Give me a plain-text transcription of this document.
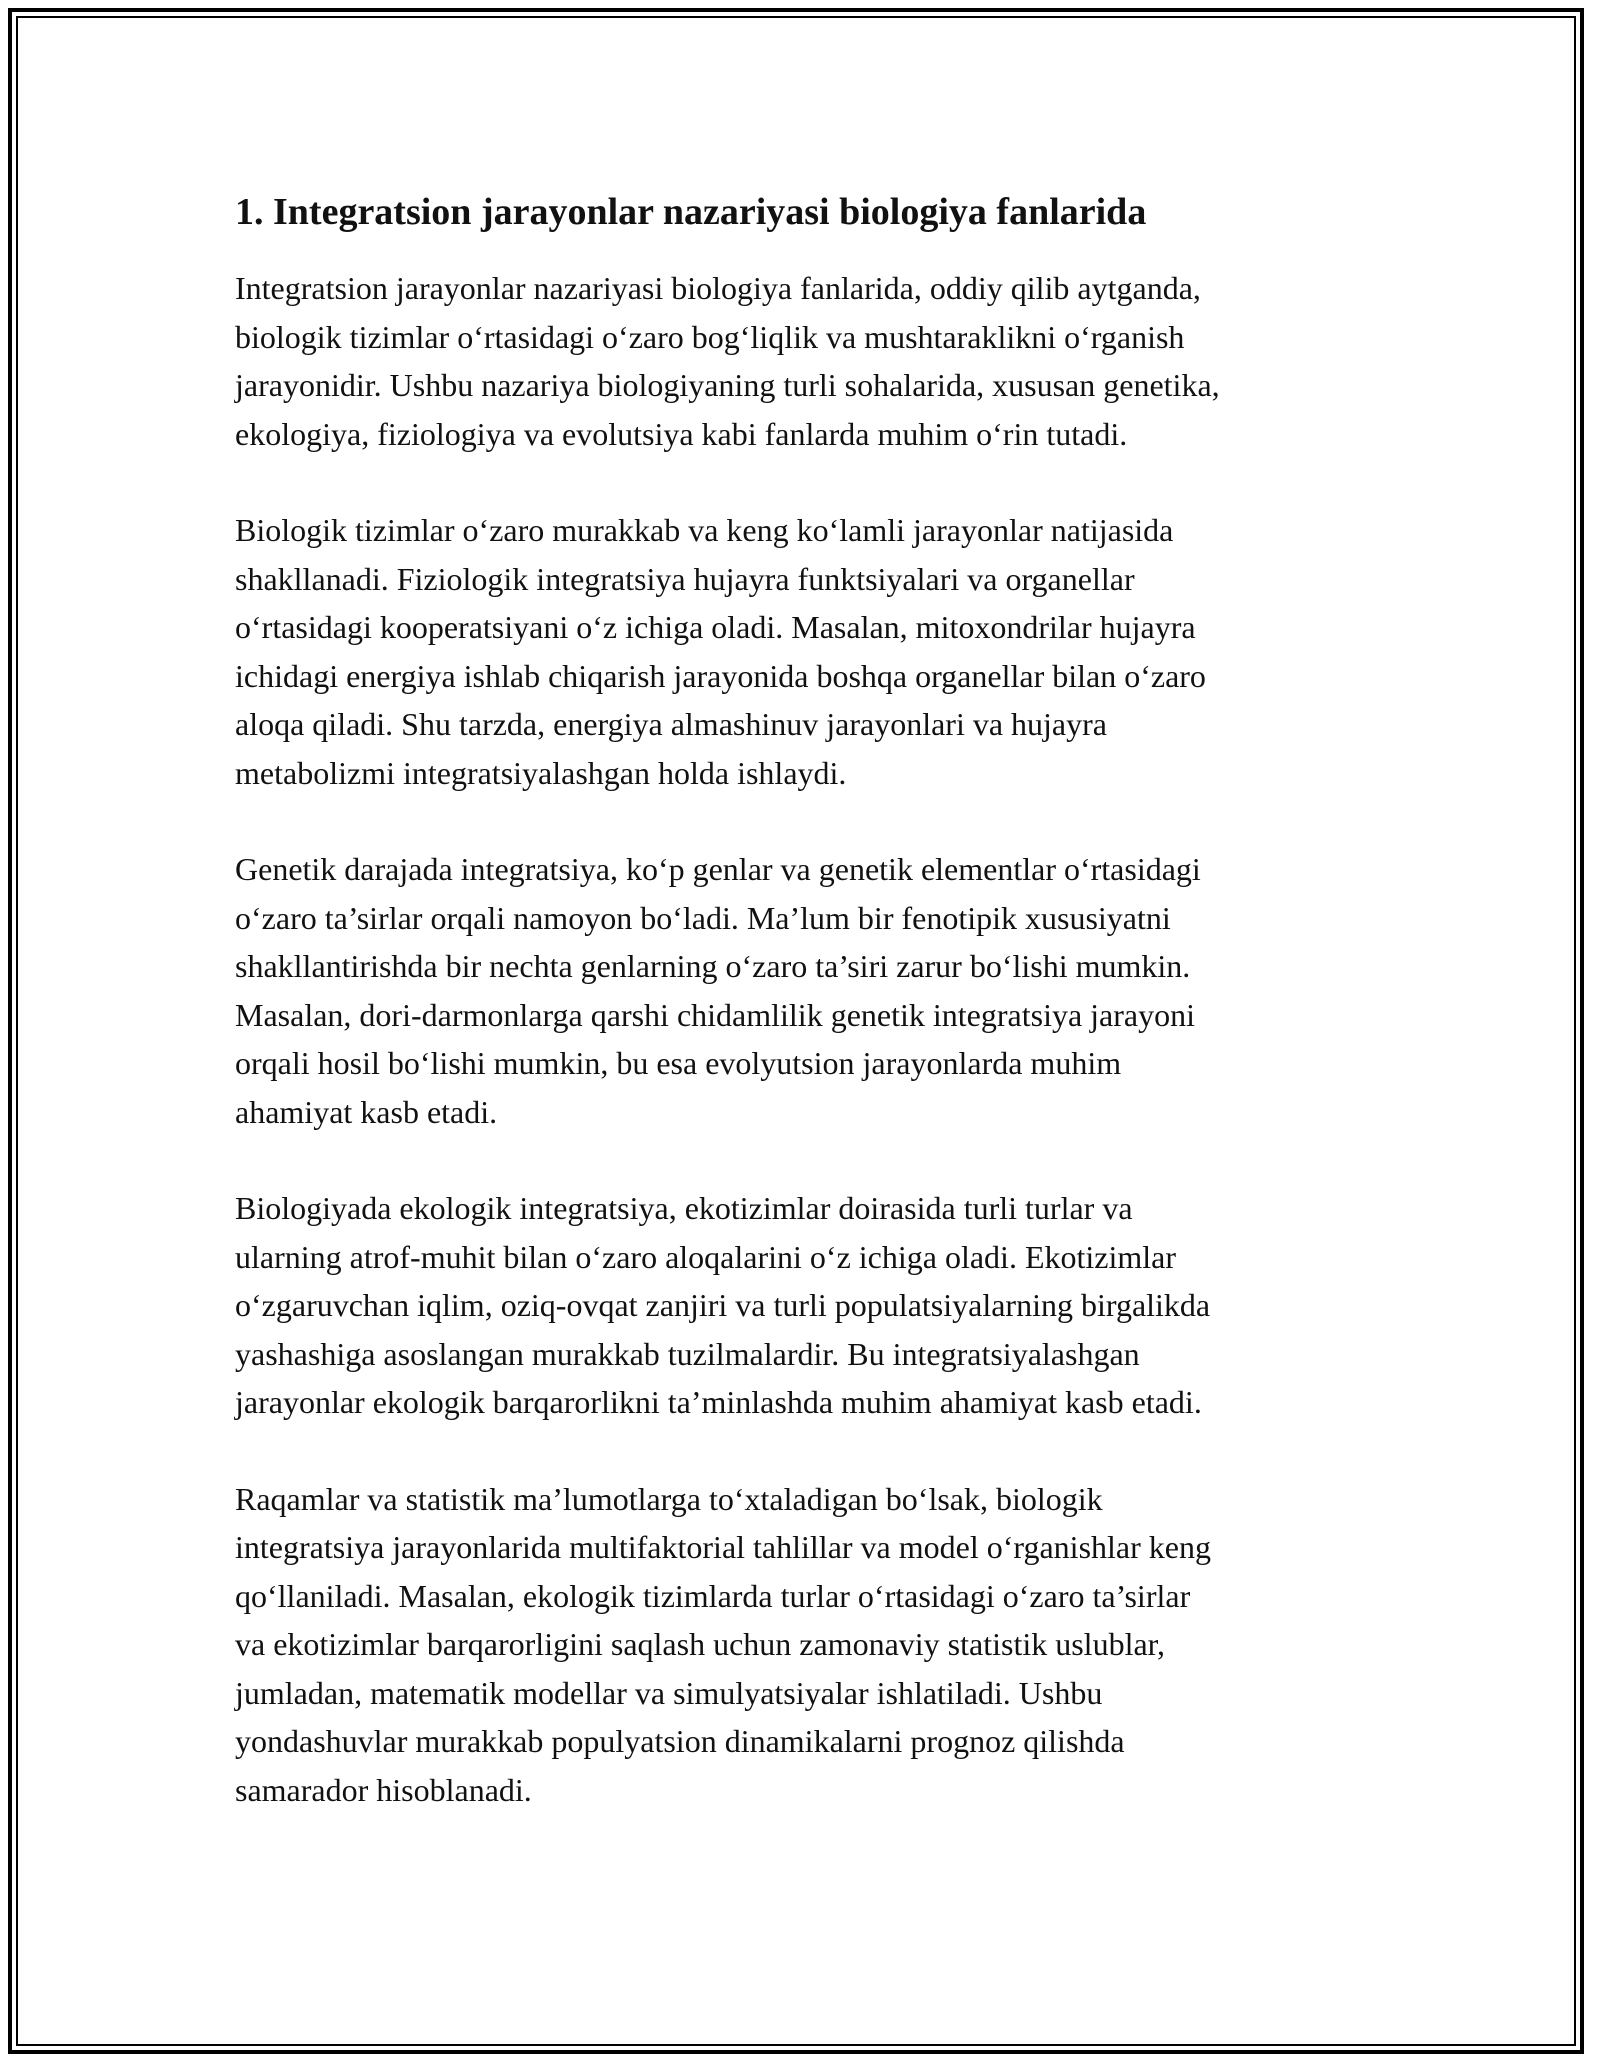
1. Integratsion jarayonlar nazariyasi biologiya fanlarida

Integratsion jarayonlar nazariyasi biologiya fanlarida, oddiy qilib aytganda,
biologik tizimlar o‘rtasidagi o‘zaro bog‘liqlik va mushtaraklikni o‘rganish
jarayonidir. Ushbu nazariya biologiyaning turli sohalarida, xususan genetika,
ekologiya, fiziologiya va evolutsiya kabi fanlarda muhim o‘rin tutadi.

Biologik tizimlar o‘zaro murakkab va keng ko‘lamli jarayonlar natijasida
shakllanadi. Fiziologik integratsiya hujayra funktsiyalari va organellar
o‘rtasidagi kooperatsiyani o‘z ichiga oladi. Masalan, mitoxondrilar hujayra
ichidagi energiya ishlab chiqarish jarayonida boshqa organellar bilan o‘zaro
aloqa qiladi. Shu tarzda, energiya almashinuv jarayonlari va hujayra
metabolizmi integratsiyalashgan holda ishlaydi.

Genetik darajada integratsiya, ko‘p genlar va genetik elementlar o‘rtasidagi
o‘zaro ta’sirlar orqali namoyon bo‘ladi. Ma’lum bir fenotipik xususiyatni
shakllantirishda bir nechta genlarning o‘zaro ta’siri zarur bo‘lishi mumkin.
Masalan, dori-darmonlarga qarshi chidamlilik genetik integratsiya jarayoni
orqali hosil bo‘lishi mumkin, bu esa evolyutsion jarayonlarda muhim
ahamiyat kasb etadi.

Biologiyada ekologik integratsiya, ekotizimlar doirasida turli turlar va
ularning atrof-muhit bilan o‘zaro aloqalarini o‘z ichiga oladi. Ekotizimlar
o‘zgaruvchan iqlim, oziq-ovqat zanjiri va turli populatsiyalarning birgalikda
yashashiga asoslangan murakkab tuzilmalardir. Bu integratsiyalashgan
jarayonlar ekologik barqarorlikni ta’minlashda muhim ahamiyat kasb etadi.

Raqamlar va statistik ma’lumotlarga to‘xtaladigan bo‘lsak, biologik
integratsiya jarayonlarida multifaktorial tahlillar va model o‘rganishlar keng
qo‘llaniladi. Masalan, ekologik tizimlarda turlar o‘rtasidagi o‘zaro ta’sirlar
va ekotizimlar barqarorligini saqlash uchun zamonaviy statistik uslublar,
jumladan, matematik modellar va simulyatsiyalar ishlatiladi. Ushbu
yondashuvlar murakkab populyatsion dinamikalarni prognoz qilishda
samarador hisoblanadi.
